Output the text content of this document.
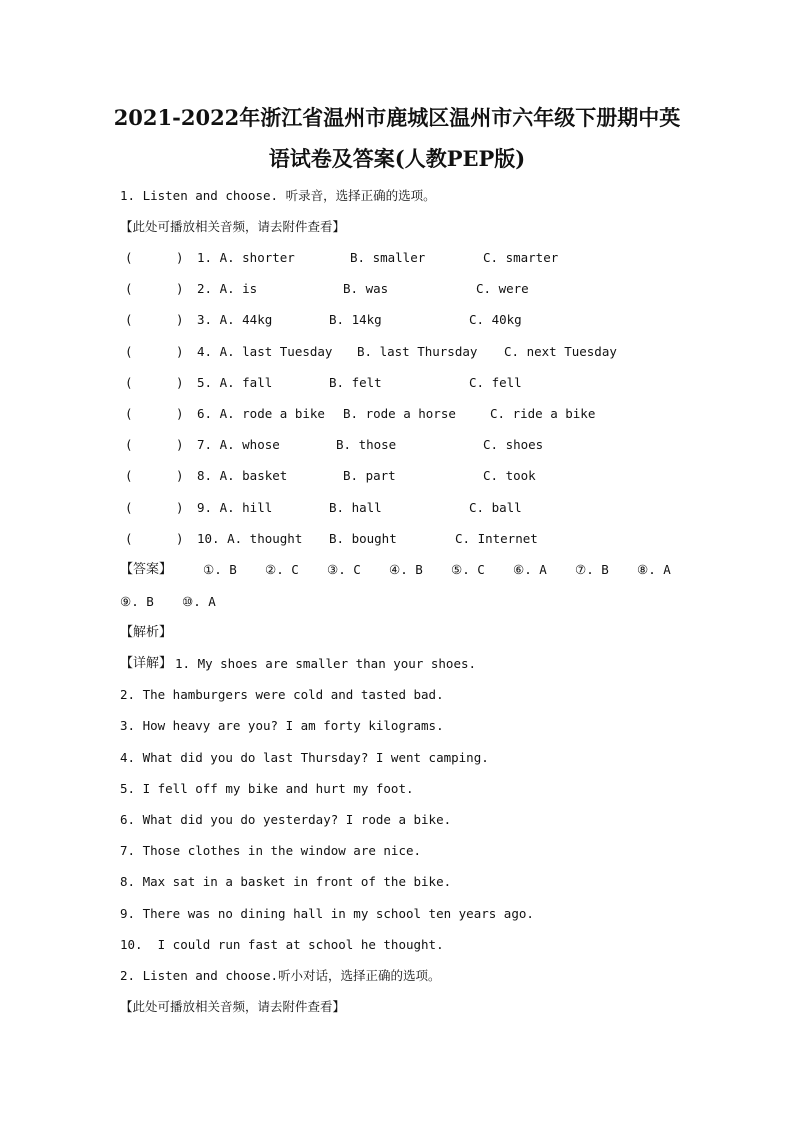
2021-2022年浙江省温州市鹿城区温州市六年级下册期中英
语试卷及答案(人教PEP版)
1. Listen and choose. 听录音，选择正确的选项。
【此处可播放相关音频，请去附件查看】
(	) 1. A. shorter	B. smaller	C. smarter
(	) 2. A. is	B. was	C. were
(	) 3. A. 44kg	B. 14kg	C. 40kg
(	) 4. A. last Tuesday B. last Thursday C. next Tuesday
(	) 5. A. fall	B. felt	C. fell
(	) 6. A. rode a bike B. rode a horse	C. ride a bike
(	) 7. A. whose	B. those	C. shoes
(	) 8. A. basket	B. part	C. took
(	) 9. A. hill	B. hall	C. ball
(	) 10. A. thought B. bought	C. Internet
【答案】 ①. B ②. C ③. C ④. B ⑤. C ⑥. A ⑦. B ⑧. A
⑨. B ⑩. A
【解析】
【详解】 1. My shoes are smaller than your shoes.
2. The hamburgers were cold and tasted bad.
3. How heavy are you? I am forty kilograms.
4. What did you do last Thursday? I went camping.
5. I fell off my bike and hurt my foot.
6. What did you do yesterday? I rode a bike.
7. Those clothes in the window are nice.
8. Max sat in a basket in front of the bike.
9. There was no dining hall in my school ten years ago.
10.  I could run fast at school he thought.
2. Listen and choose.听小对话，选择正确的选项。
【此处可播放相关音频，请去附件查看】
